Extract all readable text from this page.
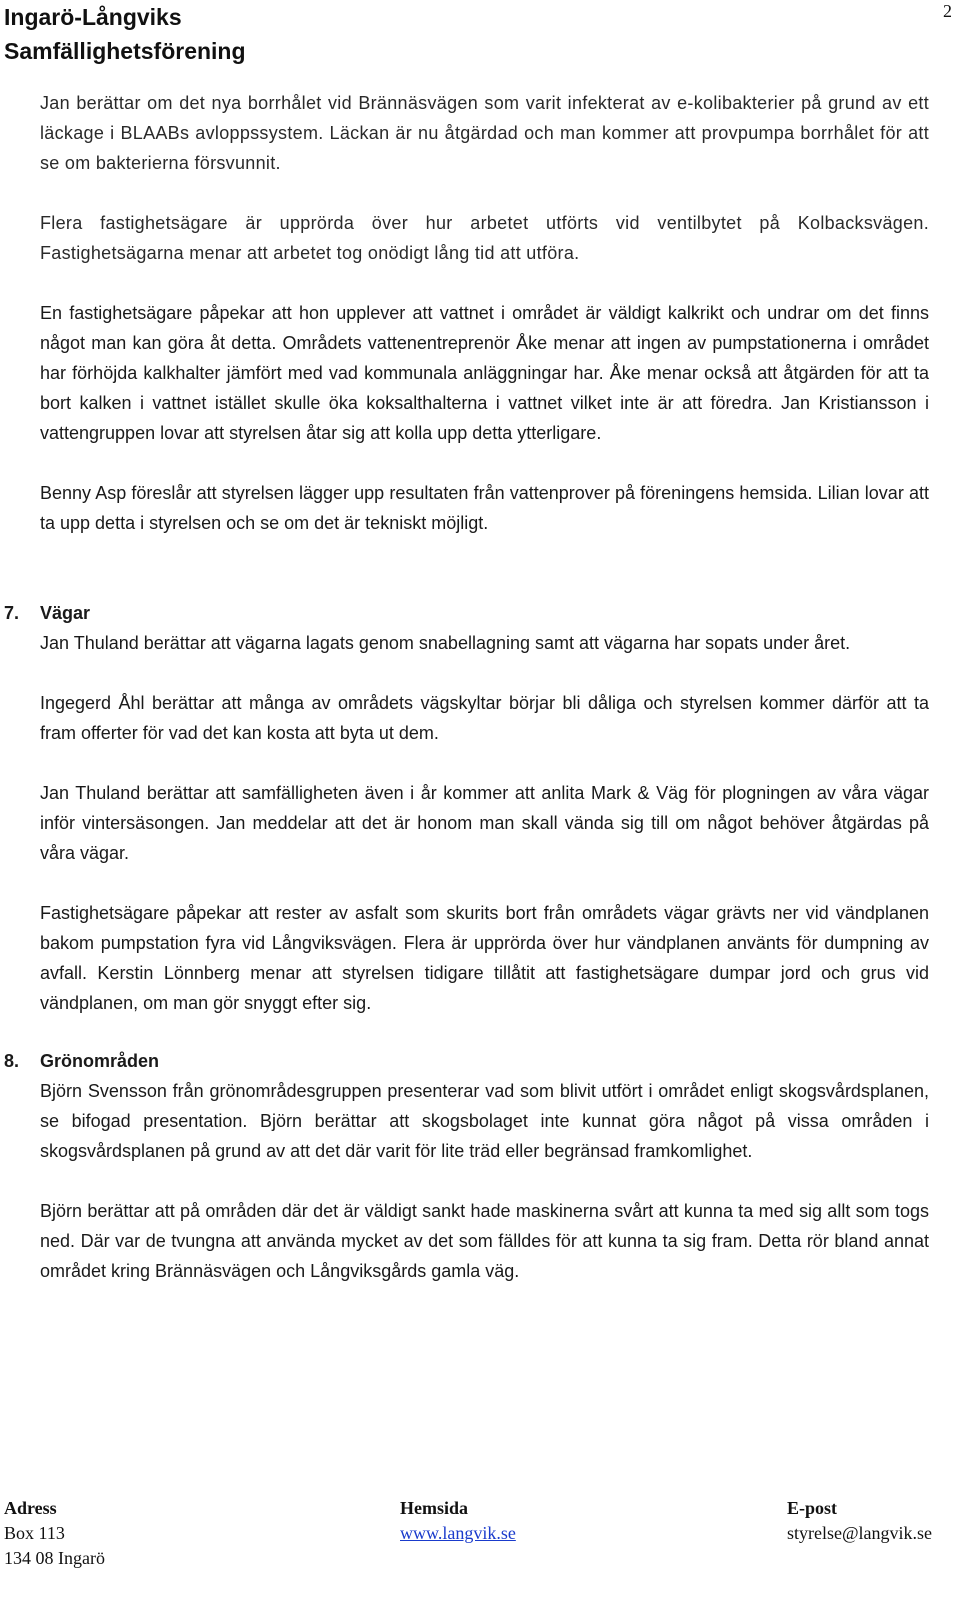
Ingarö-Långviks
Samfällighetsförening
2

Jan berättar om det nya borrhålet vid Brännäsvägen som varit infekterat av e-kolibakterier på grund av ett läckage i BLAABs avloppssystem. Läckan är nu åtgärdad och man kommer att provpumpa borrhålet för att se om bakterierna försvunnit.

Flera fastighetsägare är upprörda över hur arbetet utförts vid ventilbytet på Kolbacksvägen. Fastighetsägarna menar att arbetet tog onödigt lång tid att utföra.

En fastighetsägare påpekar att hon upplever att vattnet i området är väldigt kalkrikt och undrar om det finns något man kan göra åt detta. Områdets vattenentreprenör Åke menar att ingen av pumpstationerna i området har förhöjda kalkhalter jämfört med vad kommunala anläggningar har. Åke menar också att åtgärden för att ta bort kalken i vattnet istället skulle öka koksalthalterna i vattnet vilket inte är att föredra. Jan Kristiansson i vattengruppen lovar att styrelsen åtar sig att kolla upp detta ytterligare.

Benny Asp föreslår att styrelsen lägger upp resultaten från vattenprover på föreningens hemsida. Lilian lovar att ta upp detta i styrelsen och se om det är tekniskt möjligt.

7. Vägar

Jan Thuland berättar att vägarna lagats genom snabellagning samt att vägarna har sopats under året.

Ingegerd Åhl berättar att många av områdets vägskyltar börjar bli dåliga och styrelsen kommer därför att ta fram offerter för vad det kan kosta att byta ut dem.

Jan Thuland berättar att samfälligheten även i år kommer att anlita Mark & Väg för plogningen av våra vägar inför vintersäsongen. Jan meddelar att det är honom man skall vända sig till om något behöver åtgärdas på våra vägar.

Fastighetsägare påpekar att rester av asfalt som skurits bort från områdets vägar grävts ner vid vändplanen bakom pumpstation fyra vid Långviksvägen. Flera är upprörda över hur vändplanen använts för dumpning av avfall. Kerstin Lönnberg menar att styrelsen tidigare tillåtit att fastighetsägare dumpar jord och grus vid vändplanen, om man gör snyggt efter sig.

8. Grönområden

Björn Svensson från grönområdesgruppen presenterar vad som blivit utfört i området enligt skogsvårdsplanen, se bifogad presentation. Björn berättar att skogsbolaget inte kunnat göra något på vissa områden i skogsvårdsplanen på grund av att det där varit för lite träd eller begränsad framkomlighet.

Björn berättar att på områden där det är väldigt sankt hade maskinerna svårt att kunna ta med sig allt som togs ned. Där var de tvungna att använda mycket av det som fälldes för att kunna ta sig fram. Detta rör bland annat området kring Brännäsvägen och Långviksgårds gamla väg.

Adress
Box 113
134 08 Ingarö
Hemsida
www.langvik.se
E-post
styrelse@langvik.se
